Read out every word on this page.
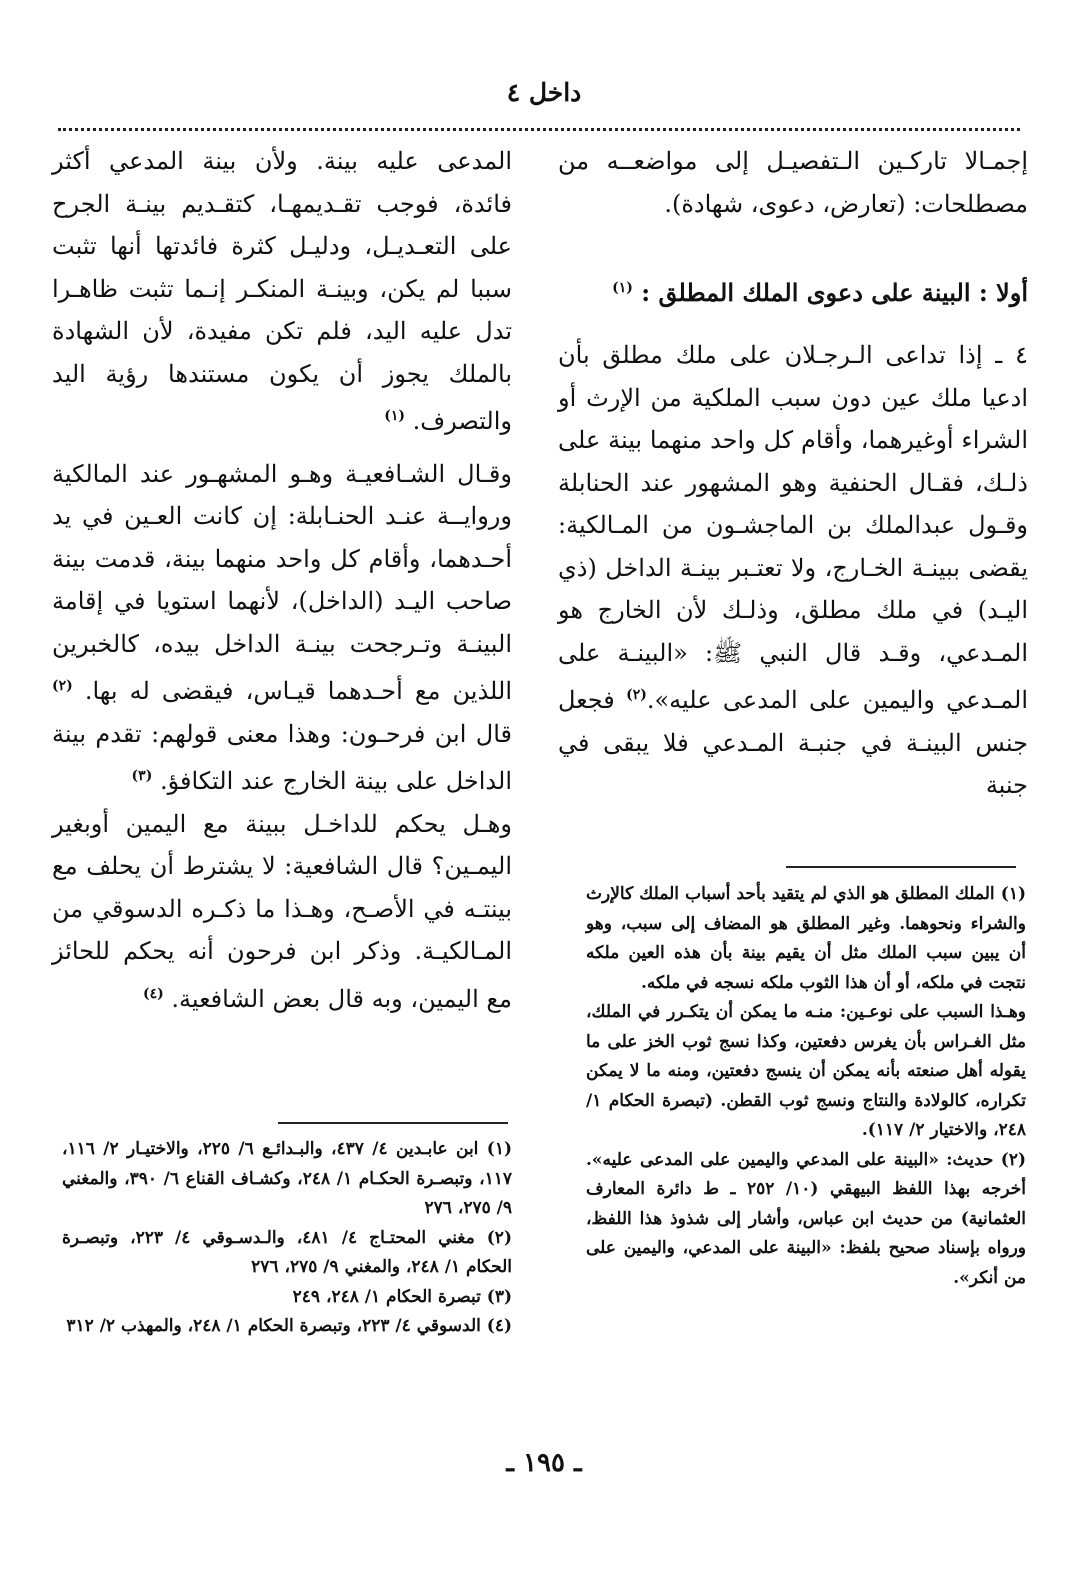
داخل ٤

إجمـالا تاركـين الـتفصيـل إلى مواضعــه من مصطلحات: (تعارض، دعوى، شهادة).

أولا : البينة على دعوى الملك المطلق : $^{(١)}$

٤ ـ إذا تداعى الـرجـلان على ملك مطلق بأن ادعيا ملك عين دون سبب الملكية من الإرث أو الشراء أوغيرهما، وأقام كل واحد منهما بينة على ذلـك، فقـال الحنفية وهو المشهور عند الحنابلة وقـول عبدالملك بن الماجشـون من المـالكية: يقضى ببينـة الخـارج، ولا تعتـبر بينـة الداخل (ذي اليـد) في ملك مطلق، وذلـك لأن الخارج هو المـدعي، وقـد قال النبي ﷺ: «البينـة على المـدعي واليمين على المدعى عليه».$^{(٢)}$ فجعل جنس البينـة في جنبـة المـدعي فلا يبقى في جنبة

المدعى عليه بينة. ولأن بينة المدعي أكثر فائدة، فوجب تقـديمهـا، كتقـديم بينـة الجرح على التعـديـل، ودليـل كثرة فائدتها أنها تثبت سببا لم يكن، وبينـة المنكـر إنـما تثبت ظاهـرا تدل عليه اليد، فلم تكن مفيدة، لأن الشهادة بالملك يجوز أن يكون مستندها رؤية اليد والتصرف. $^{(١)}$

وقـال الشـافعيـة وهـو المشهـور عند المالكية وروايــة عنـد الحنـابلة: إن كانت العـين في يد أحـدهما، وأقام كل واحد منهما بينة، قدمت بينة صاحب اليـد (الداخل)، لأنهما استويا في إقامة البينـة وتـرجحت بينـة الداخل بيده، كالخبرين اللذين مع أحـدهما قيـاس، فيقضى له بها. $^{(٢)}$ قال ابن فرحـون: وهذا معنى قولهم: تقدم بينة الداخل على بينة الخارج عند التكافؤ. $^{(٣)}$

وهـل يحكم للداخـل ببينة مع اليمين أوبغير اليمـين؟ قال الشافعية: لا يشترط أن يحلف مع بينتـه في الأصـح، وهـذا ما ذكـره الدسوقي من المـالكيـة. وذكر ابن فرحون أنه يحكم للحائز مع اليمين، وبه قال بعض الشافعية. $^{(٤)}$

(١) الملك المطلق هو الذي لم يتقيد بأحد أسباب الملك كالإرث والشراء ونحوهما. وغير المطلق هو المضاف إلى سبب، وهو أن يبين سبب الملك مثل أن يقيم بينة بأن هذه العين ملكه نتجت في ملكه، أو أن هذا الثوب ملكه نسجه في ملكه.

وهـذا السبب على نوعـين: منـه ما يمكن أن يتكـرر في الملك، مثل الغـراس بأن يغرس دفعتين، وكذا نسج ثوب الخز على ما يقوله أهل صنعته بأنه يمكن أن ينسج دفعتين، ومنه ما لا يمكن تكراره، كالولادة والنتاج ونسج ثوب القطن. (تبصرة الحكام ١/ ٢٤٨، والاختيار ٢/ ١١٧).

(٢) حديث: «البينة على المدعي واليمين على المدعى عليه». أخرجه بهذا اللفظ البيهقي (١٠/ ٢٥٢ ـ ط دائرة المعارف العثمانية) من حديث ابن عباس، وأشار إلى شذوذ هذا اللفظ، ورواه بإسناد صحيح بلفظ: «البينة على المدعي، واليمين على من أنكر».

(١) ابن عابـدين ٤/ ٤٣٧، والبـدائـع ٦/ ٢٢٥، والاختيـار ٢/ ١١٦، ١١٧، وتبصـرة الحكـام ١/ ٢٤٨، وكشـاف القناع ٦/ ٣٩٠، والمغني ٩/ ٢٧٥، ٢٧٦

(٢) مغني المحتـاج ٤/ ٤٨١، والـدسـوقي ٤/ ٢٢٣، وتبصـرة الحكام ١/ ٢٤٨، والمغني ٩/ ٢٧٥، ٢٧٦

(٣) تبصرة الحكام ١/ ٢٤٨، ٢٤٩

(٤) الدسوقي ٤/ ٢٢٣، وتبصرة الحكام ١/ ٢٤٨، والمهذب ٢/ ٣١٢

ـ ١٩٥ ـ
